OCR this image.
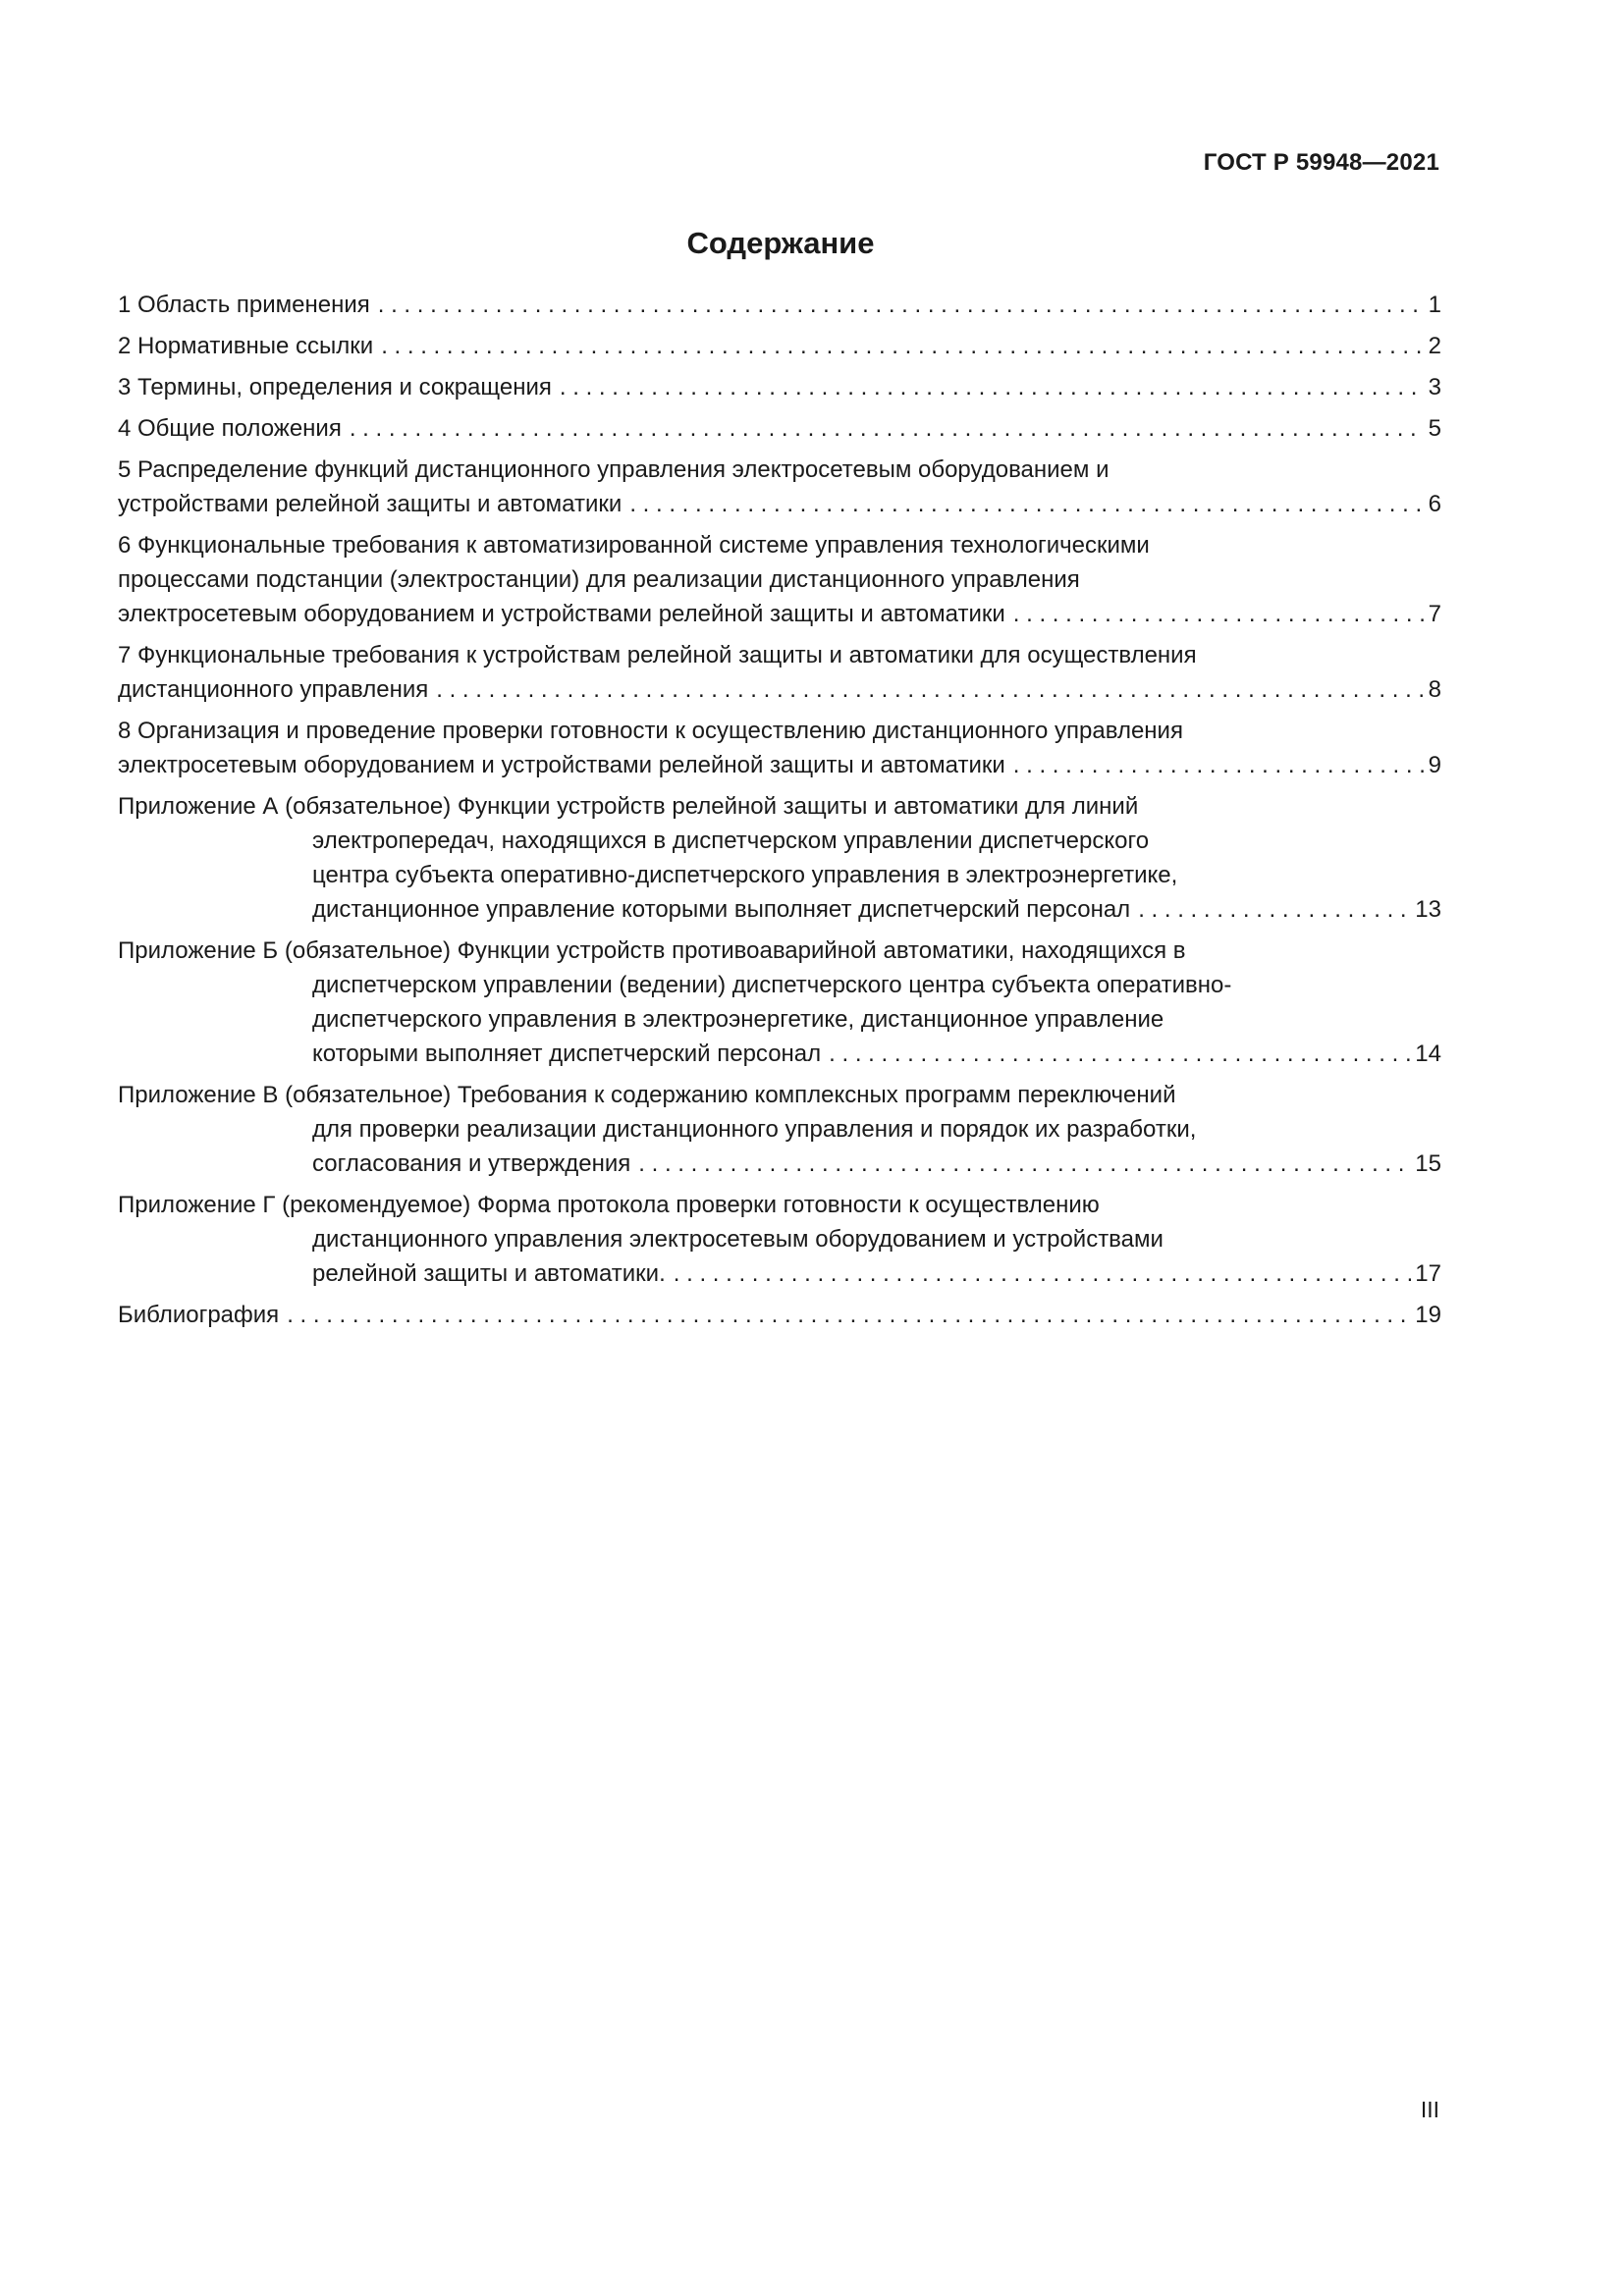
ГОСТ Р 59948—2021
Содержание
1 Область применения . . .	1
2 Нормативные ссылки . . .	2
3 Термины, определения и сокращения . . .	3
4 Общие положения . . .	5
5 Распределение функций дистанционного управления электросетевым оборудованием и
устройствами релейной защиты и автоматики . . .	6
6 Функциональные требования к автоматизированной системе управления технологическими
процессами подстанции (электростанции) для реализации дистанционного управления
электросетевым оборудованием и устройствами релейной защиты и автоматики . . .	7
7 Функциональные требования к устройствам релейной защиты и автоматики для осуществления
дистанционного управления . . .	8
8 Организация и проведение проверки готовности к осуществлению дистанционного управления
электросетевым оборудованием и устройствами релейной защиты и автоматики . . .	9
Приложение А (обязательное) Функции устройств релейной защиты и автоматики для линий
электропередач, находящихся в диспетчерском управлении диспетчерского
центра субъекта оперативно-диспетчерского управления в электроэнергетике,
дистанционное управление которыми выполняет диспетчерский персонал . . .	13
Приложение Б (обязательное) Функции устройств противоаварийной автоматики, находящихся в
диспетчерском управлении (ведении) диспетчерского центра субъекта оперативно-
диспетчерского управления в электроэнергетике, дистанционное управление
которыми выполняет диспетчерский персонал . . .	14
Приложение В (обязательное) Требования к содержанию комплексных программ переключений
для проверки реализации дистанционного управления и порядок их разработки,
согласования и утверждения . . .	15
Приложение Г (рекомендуемое) Форма протокола проверки готовности к осуществлению
дистанционного управления электросетевым оборудованием и устройствами
релейной защиты и автоматики. . . .	17
Библиография . . .	19
III
